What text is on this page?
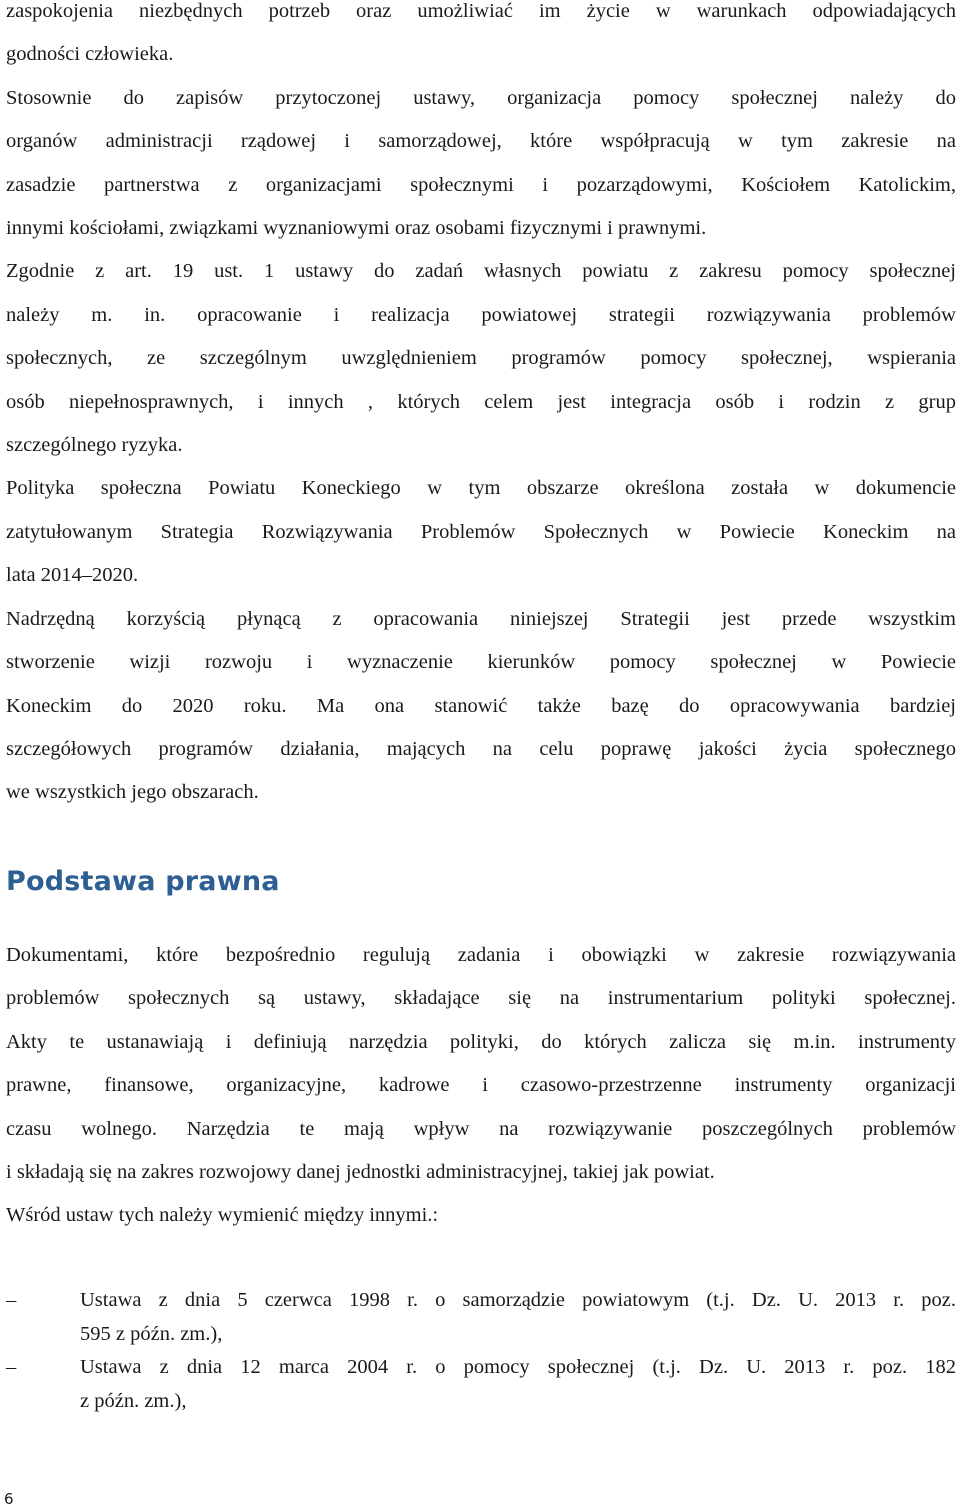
zaspokojenia niezbędnych potrzeb oraz umożliwiać im życie w warunkach odpowiadających
godności człowieka.
Stosownie do zapisów przytoczonej ustawy, organizacja pomocy społecznej należy do
organów administracji rządowej i samorządowej, które współpracują w tym zakresie na
zasadzie partnerstwa z organizacjami społecznymi i pozarządowymi, Kościołem Katolickim,
innymi kościołami, związkami wyznaniowymi oraz osobami fizycznymi i prawnymi.
Zgodnie z art. 19 ust. 1 ustawy do zadań własnych powiatu z zakresu pomocy społecznej
należy m. in. opracowanie i realizacja powiatowej strategii rozwiązywania problemów
społecznych, ze szczególnym uwzględnieniem programów pomocy społecznej, wspierania
osób niepełnosprawnych, i innych , których celem jest integracja osób i rodzin z grup
szczególnego ryzyka.
Polityka społeczna Powiatu Koneckiego w tym obszarze określona została w dokumencie
zatytułowanym Strategia Rozwiązywania Problemów Społecznych w Powiecie Koneckim na
lata 2014–2020.
Nadrzędną korzyścią płynącą z opracowania niniejszej Strategii jest przede wszystkim
stworzenie wizji rozwoju i wyznaczenie kierunków pomocy społecznej w Powiecie
Koneckim do 2020 roku. Ma ona stanowić także bazę do opracowywania bardziej
szczegółowych programów działania, mających na celu poprawę jakości życia społecznego
we wszystkich jego obszarach.
Podstawa prawna
Dokumentami, które bezpośrednio regulują zadania i obowiązki w zakresie rozwiązywania
problemów społecznych są ustawy, składające się na instrumentarium polityki społecznej.
Akty te ustanawiają i definiują narzędzia polityki, do których zalicza się m.in. instrumenty
prawne, finansowe, organizacyjne, kadrowe i czasowo-przestrzenne instrumenty organizacji
czasu wolnego. Narzędzia te mają wpływ na rozwiązywanie poszczególnych problemów
i składają się na zakres rozwojowy danej jednostki administracyjnej, takiej jak powiat.
Wśród ustaw tych należy wymienić między innymi.:
–	Ustawa z dnia 5 czerwca 1998 r. o samorządzie powiatowym (t.j. Dz. U. 2013 r. poz.
595 z późn. zm.),
–	Ustawa z dnia 12 marca 2004 r. o pomocy społecznej (t.j. Dz. U. 2013 r. poz. 182
z późn. zm.),
6
